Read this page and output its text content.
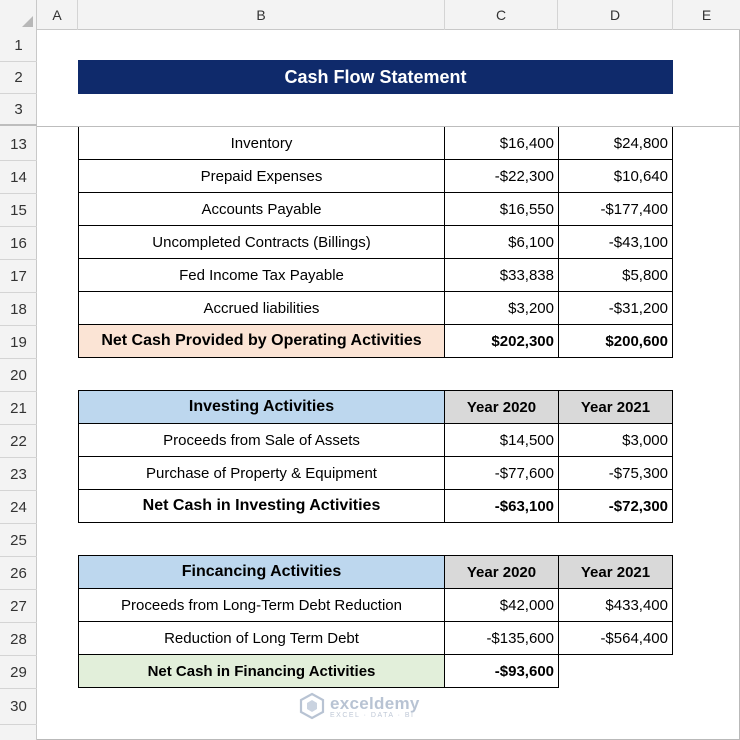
A	B	C	D	E
1
2
3
13
14
15
16
17
18
19
20
21
22
23
24
25
26
27
28
29
30
Cash Flow Statement
Inventory	$16,400	$24,800
Prepaid Expenses	-$22,300	$10,640
Accounts Payable	$16,550	-$177,400
Uncompleted Contracts (Billings)	$6,100	-$43,100
Fed Income Tax Payable	$33,838	$5,800
Accrued liabilities	$3,200	-$31,200
Net Cash Provided by Operating Activities	$202,300	$200,600
Investing Activities	Year 2020	Year 2021
Proceeds from Sale of Assets	$14,500	$3,000
Purchase of Property & Equipment	-$77,600	-$75,300
Net Cash in Investing Activities	-$63,100	-$72,300
Fincancing Activities	Year 2020	Year 2021
Proceeds from Long-Term Debt Reduction	$42,000	$433,400
Reduction of Long Term Debt	-$135,600	-$564,400
Net Cash in Financing Activities	-$93,600
exceldemy
EXCEL · DATA · BI
